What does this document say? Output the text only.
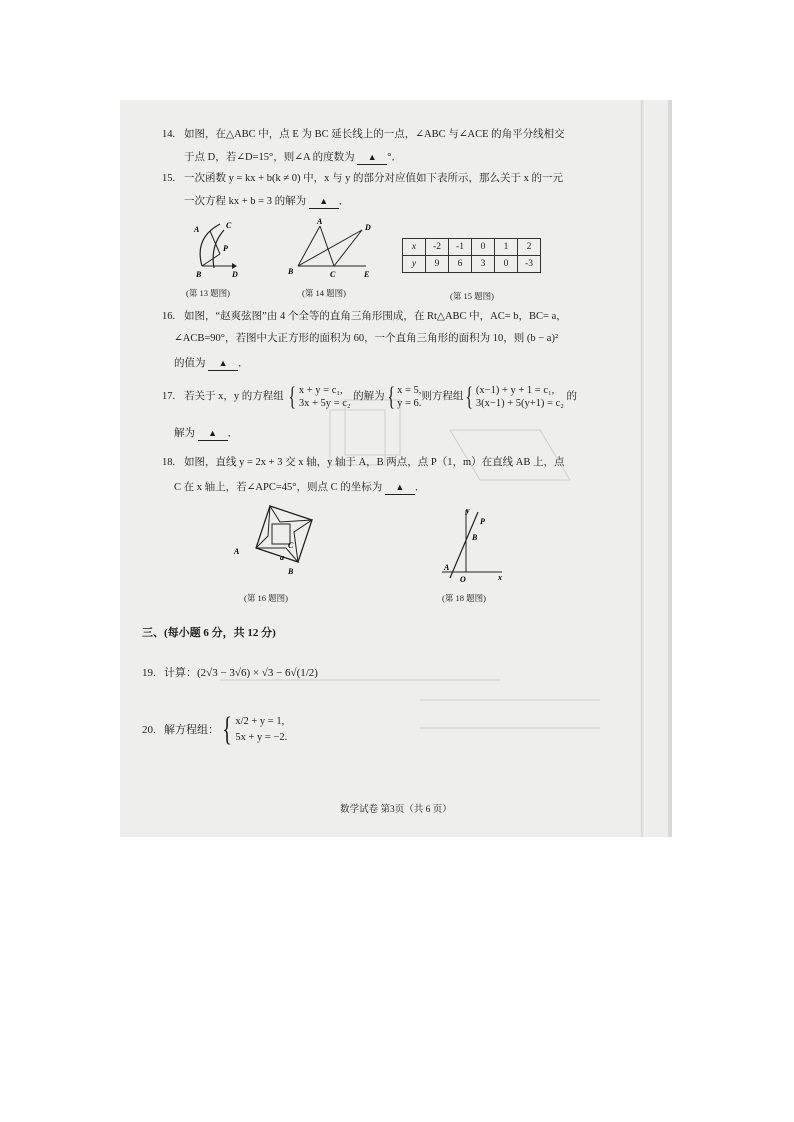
14. 如图，在△ABC 中，点 E 为 BC 延长线上的一点，∠ABC 与∠ACE 的角平分线相交
于点 D，若∠D=15°，则∠A 的度数为 ▲ °．
15. 一次函数 y = kx + b(k ≠ 0) 中，x 与 y 的部分对应值如下表所示，那么关于 x 的一元
一次方程 kx + b = 3 的解为 ▲ ．
A	C
P
B	D
(第 13 题图)
D
A
B	C	E
(第 14 题图)
x	-2	-1	0	1	2
y	9	6	3	0	-3
(第 15 题图)
16. 如图，“赵爽弦图”由 4 个全等的直角三角形围成，在 Rt△ABC 中，AC= b，BC= a，
∠ACB=90°，若图中大正方形的面积为 60，一个直角三角形的面积为 10，则 (b − a)²
的值为 ▲ ．
17. 若关于 x，y 的方程组 { x + y = c₁,
3x + 5y = c₂ 的解为{ x = 5,
y = 6.则方程组{ (x−1) + y + 1 = c₁,
3(x−1) + 5(y+1) = c₂ 的
解为 ▲ ．
18. 如图，直线 y = 2x + 3 交 x 轴，y 轴于 A，B 两点，点 P（1，m）在直线 AB 上，点
C 在 x 轴上，若∠APC=45°，则点 C 的坐标为 ▲ ．
A
B
C
a
(第 16 题图)
y
P
B
A
O	x
(第 18 题图)
三、(每小题 6 分，共 12 分)
19. 计算：(2√3 − 3√6) × √3 − 6√(1/2)
20. 解方程组：{ x/2 + y = 1,
5x + y = −2.
数学试卷 第3页（共 6 页）
